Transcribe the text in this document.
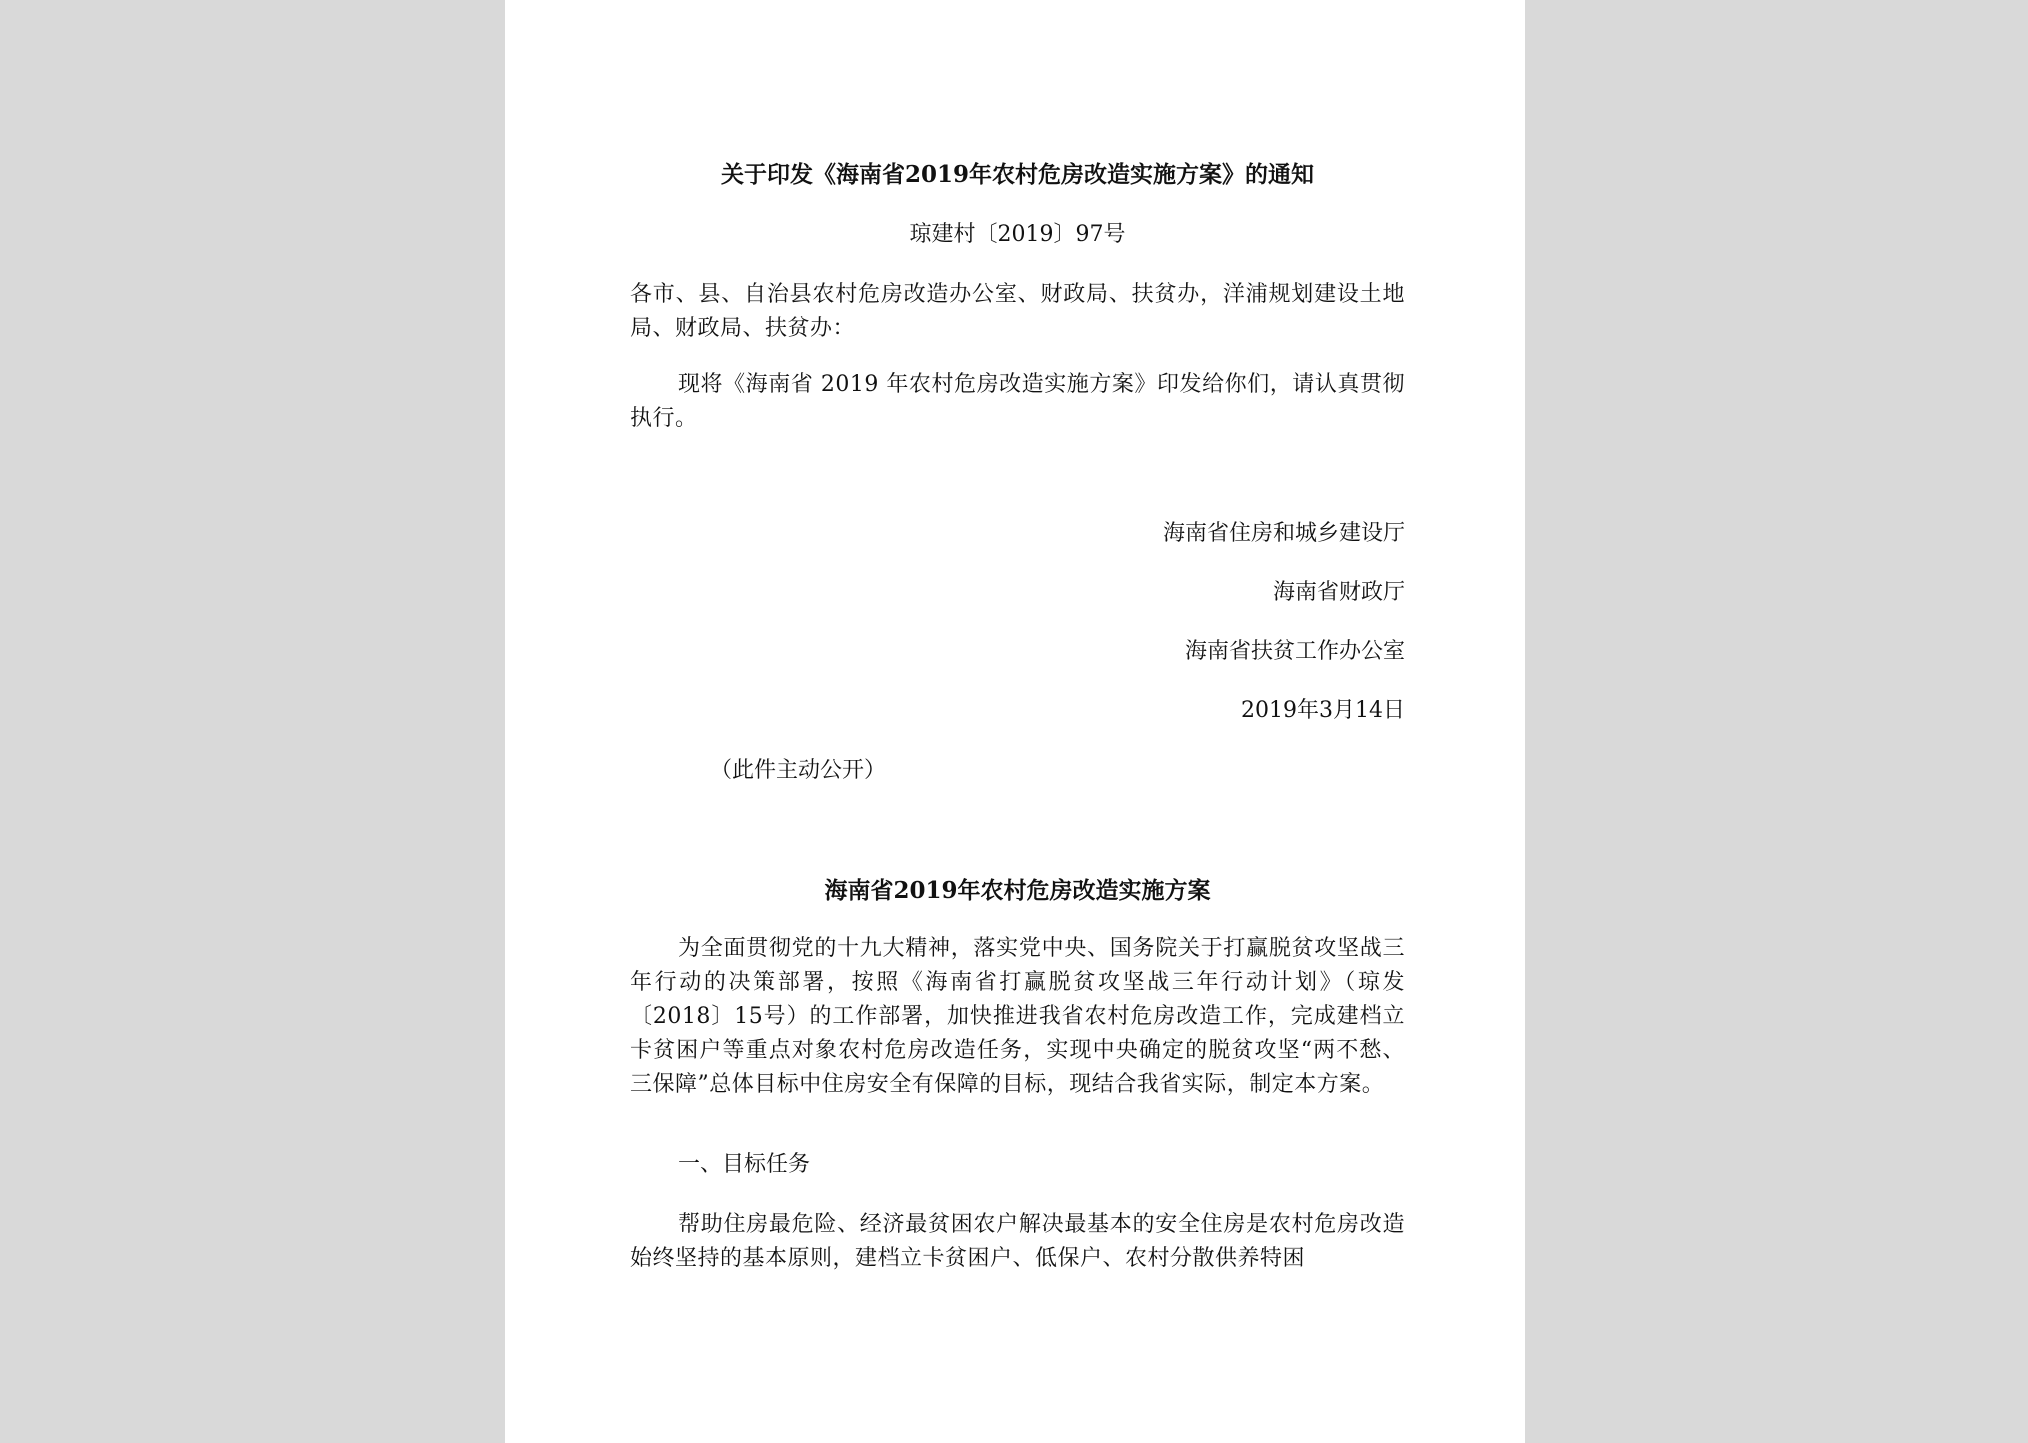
关于印发《海南省2019年农村危房改造实施方案》的通知
琼建村〔2019〕97号
各市、县、自治县农村危房改造办公室、财政局、扶贫办，洋浦规划建设土地局、财政局、扶贫办：
现将《海南省 2019 年农村危房改造实施方案》印发给你们，请认真贯彻执行。
海南省住房和城乡建设厅
海南省财政厅
海南省扶贫工作办公室
2019年3月14日
（此件主动公开）
海南省2019年农村危房改造实施方案
为全面贯彻党的十九大精神，落实党中央、国务院关于打赢脱贫攻坚战三年行动的决策部署，按照《海南省打赢脱贫攻坚战三年行动计划》（琼发〔2018〕15号）的工作部署，加快推进我省农村危房改造工作，完成建档立卡贫困户等重点对象农村危房改造任务，实现中央确定的脱贫攻坚“两不愁、三保障”总体目标中住房安全有保障的目标，现结合我省实际，制定本方案。
一、目标任务
帮助住房最危险、经济最贫困农户解决最基本的安全住房是农村危房改造始终坚持的基本原则，建档立卡贫困户、低保户、农村分散供养特困
